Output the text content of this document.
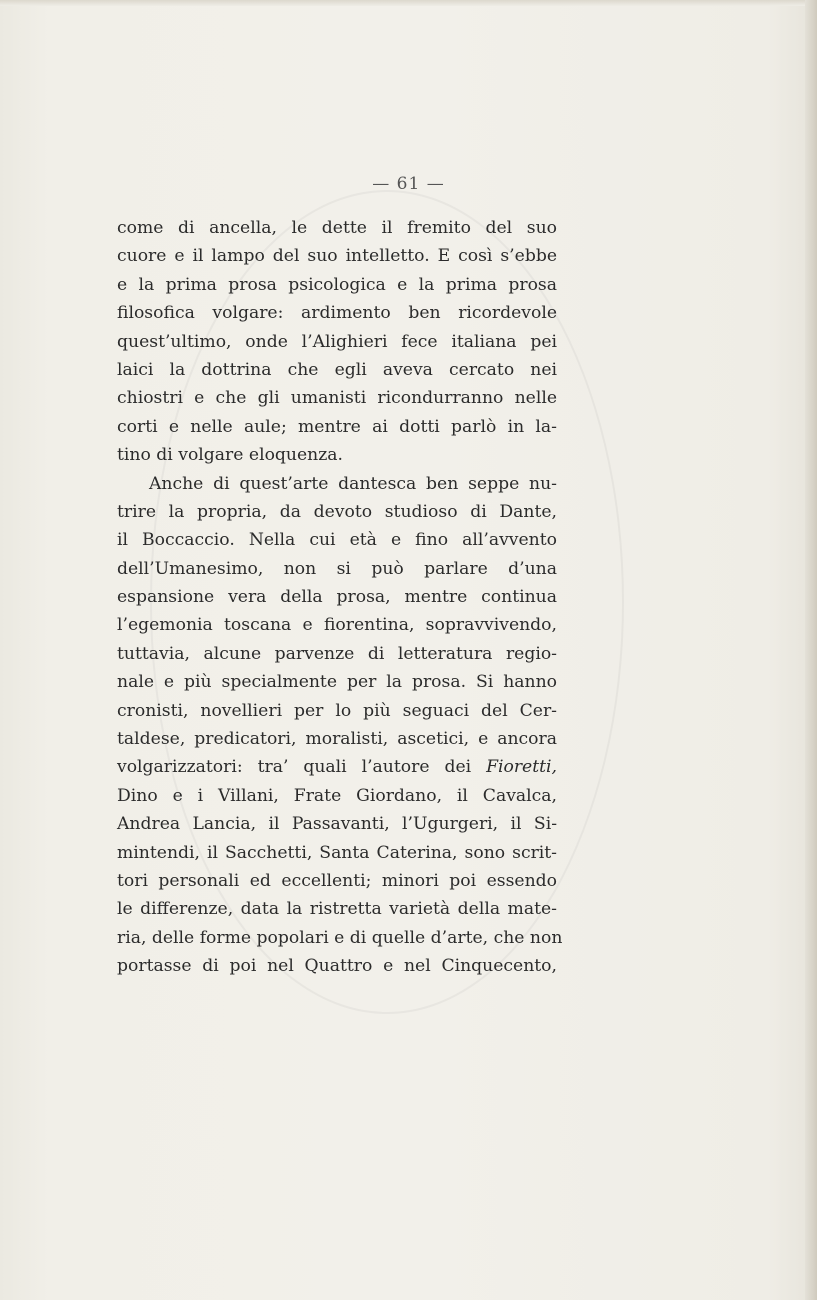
— 61 —
come di ancella, le dette il fremito del suo
cuore e il lampo del suo intelletto. E così s’ebbe
e la prima prosa psicologica e la prima prosa
filosofica volgare: ardimento ben ricordevole
quest’ultimo, onde l’Alighieri fece italiana pei
laici la dottrina che egli aveva cercato nei
chiostri e che gli umanisti ricondurranno nelle
corti e nelle aule; mentre ai dotti parlò in la-
tino di volgare eloquenza.
Anche di quest’arte dantesca ben seppe nu-
trire la propria, da devoto studioso di Dante,
il Boccaccio. Nella cui età e fino all’avvento
dell’Umanesimo, non si può parlare d’una
espansione vera della prosa, mentre continua
l’egemonia toscana e fiorentina, sopravvivendo,
tuttavia, alcune parvenze di letteratura regio-
nale e più specialmente per la prosa. Si hanno
cronisti, novellieri per lo più seguaci del Cer-
taldese, predicatori, moralisti, ascetici, e ancora
volgarizzatori: tra’ quali l’autore dei Fioretti,
Dino e i Villani, Frate Giordano, il Cavalca,
Andrea Lancia, il Passavanti, l’Ugurgeri, il Si-
mintendi, il Sacchetti, Santa Caterina, sono scrit-
tori personali ed eccellenti; minori poi essendo
le differenze, data la ristretta varietà della mate-
ria, delle forme popolari e di quelle d’arte, che non
portasse di poi nel Quattro e nel Cinquecento,
